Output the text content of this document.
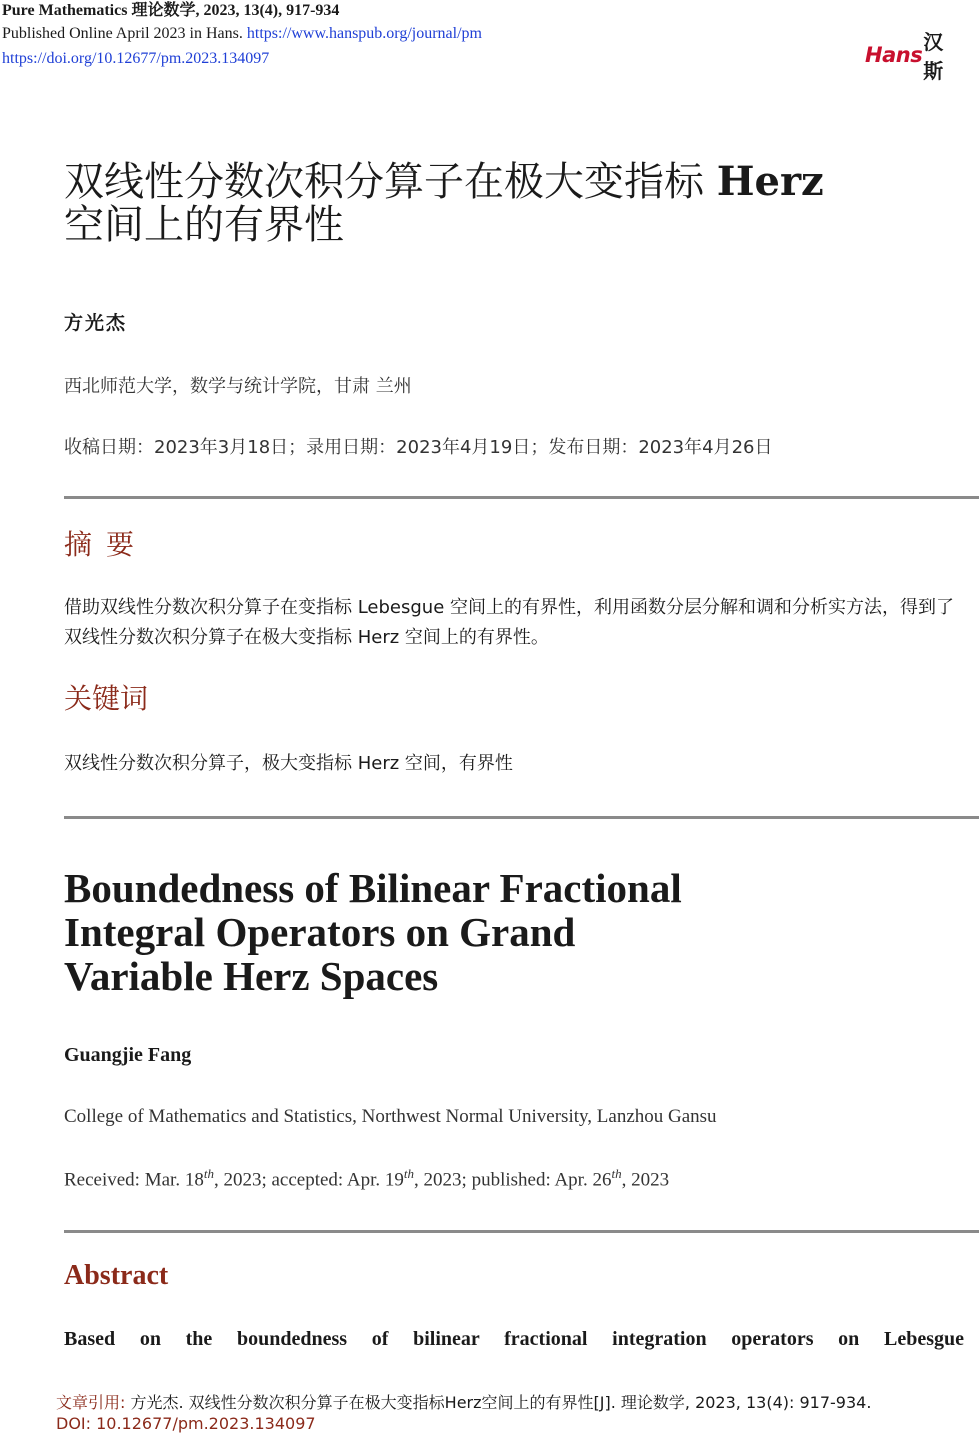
Pure Mathematics 理论数学, 2023, 13(4), 917-934
Published Online April 2023 in Hans. https://www.hanspub.org/journal/pm
https://doi.org/10.12677/pm.2023.134097	Hans
汉斯
双线性分数次积分算子在极大变指标 Herz
空间上的有界性
方光杰
西北师范大学，数学与统计学院，甘肃 兰州
收稿日期：2023年3月18日；录用日期：2023年4月19日；发布日期：2023年4月26日
摘要

借助双线性分数次积分算子在变指标 Lebesgue 空间上的有界性，利用函数分层分解和调和分析实方法，得到了双线性分数次积分算子在极大变指标 Herz 空间上的有界性。

关键词

双线性分数次积分算子，极大变指标 Herz 空间，有界性

Boundedness of Bilinear Fractional
Integral Operators on Grand
Variable Herz Spaces
Guangjie Fang
College of Mathematics and Statistics, Northwest Normal University, Lanzhou Gansu
Received: Mar. 18th, 2023; accepted: Apr. 19th, 2023; published: Apr. 26th, 2023
Abstract

Based on the boundedness of bilinear fractional integration operators on Lebesgue

文章引用: 方光杰. 双线性分数次积分算子在极大变指标Herz空间上的有界性[J]. 理论数学, 2023, 13(4): 917-934.
DOI: 10.12677/pm.2023.134097
